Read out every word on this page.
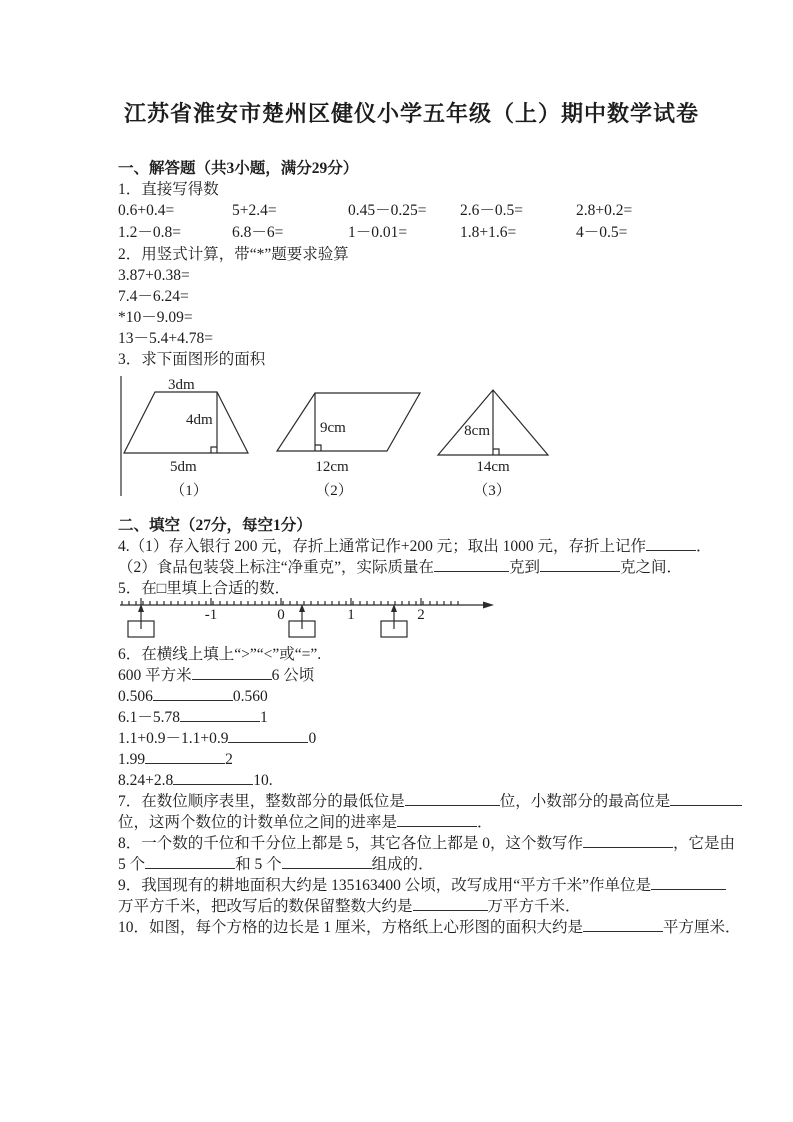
江苏省淮安市楚州区健仪小学五年级（上）期中数学试卷
一、解答题（共3小题，满分29分）
1．直接写得数
0.6+0.4=	5+2.4=	0.45－0.25=	2.6－0.5=	2.8+0.2=
1.2－0.8=	6.8－6=	1－0.01=	1.8+1.6=	4－0.5=
2．用竖式计算，带“*”题要求验算
3.87+0.38=
7.4－6.24=
*10－9.09=
13－5.4+4.78=
3．求下面图形的面积
3dm
4dm
5dm
（1）
9cm
12cm
（2）
8cm
14cm
（3）
二、填空（27分，每空1分）
4.（1）存入银行 200 元，存折上通常记作+200 元；取出 1000 元，存折上记作	．
（2）食品包装袋上标注“净重克”，实际质量在	克到	克之间．
5．在□里填上合适的数．
-1	0	1	2
6．在横线上填上“>”“<”或“=”.
600 平方米	6 公顷
0.506	0.560
6.1－5.78	1
1.1+0.9－1.1+0.9	0
1.99	2
8.24+2.8	10.
7．在数位顺序表里，整数部分的最低位是	位，小数部分的最高位是
位，这两个数位的计数单位之间的进率是	．
8．一个数的千位和千分位上都是 5，其它各位上都是 0，这个数写作	，它是由
5 个	和 5 个	组成的．
9．我国现有的耕地面积大约是 135163400 公顷，改写成用“平方千米”作单位是
万平方千米，把改写后的数保留整数大约是	万平方千米．
10．如图，每个方格的边长是 1 厘米，方格纸上心形图的面积大约是	平方厘米．
